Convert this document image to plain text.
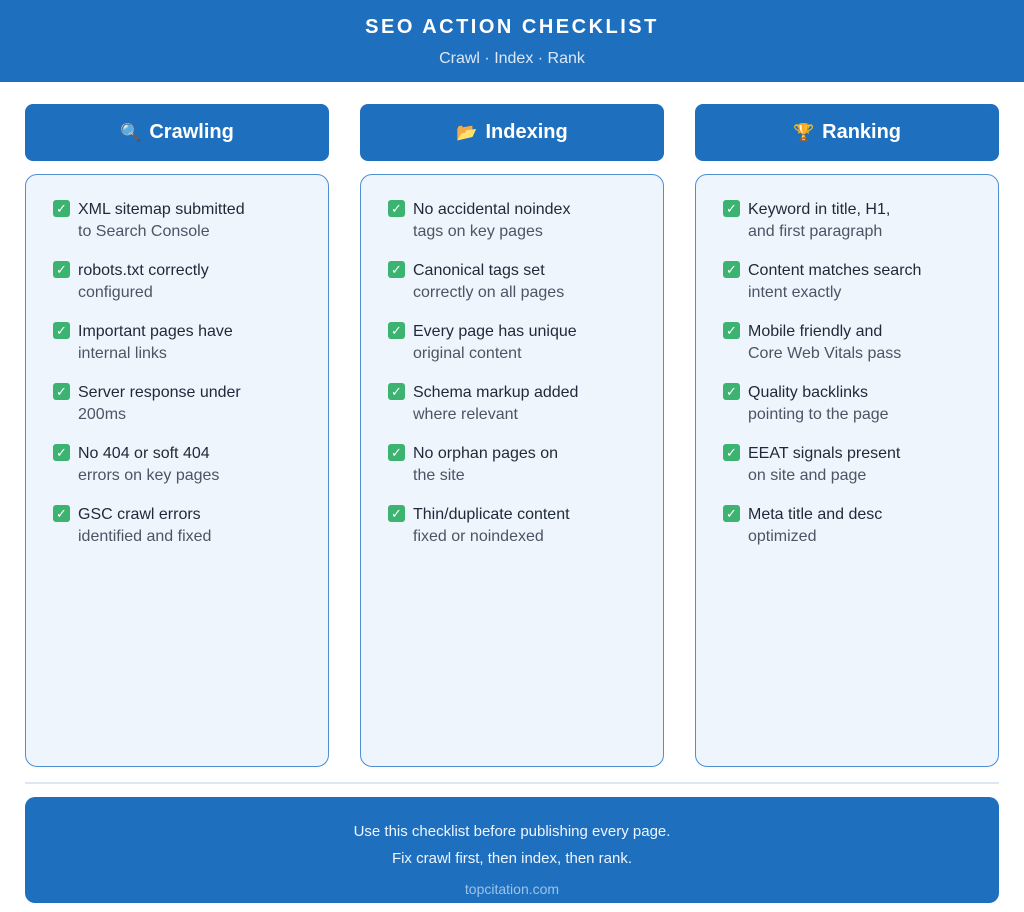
SEO ACTION CHECKLIST
Crawl · Index · Rank
🔍 Crawling
✓ XML sitemap submitted
to Search Console
✓ robots.txt correctly
configured
✓ Important pages have
internal links
✓ Server response under
200ms
✓ No 404 or soft 404
errors on key pages
✓ GSC crawl errors
identified and fixed
📂 Indexing
✓ No accidental noindex
tags on key pages
✓ Canonical tags set
correctly on all pages
✓ Every page has unique
original content
✓ Schema markup added
where relevant
✓ No orphan pages on
the site
✓ Thin/duplicate content
fixed or noindexed
🏆 Ranking
✓ Keyword in title, H1,
and first paragraph
✓ Content matches search
intent exactly
✓ Mobile friendly and
Core Web Vitals pass
✓ Quality backlinks
pointing to the page
✓ EEAT signals present
on site and page
✓ Meta title and desc
optimized
Use this checklist before publishing every page.
Fix crawl first, then index, then rank.
topcitation.com
